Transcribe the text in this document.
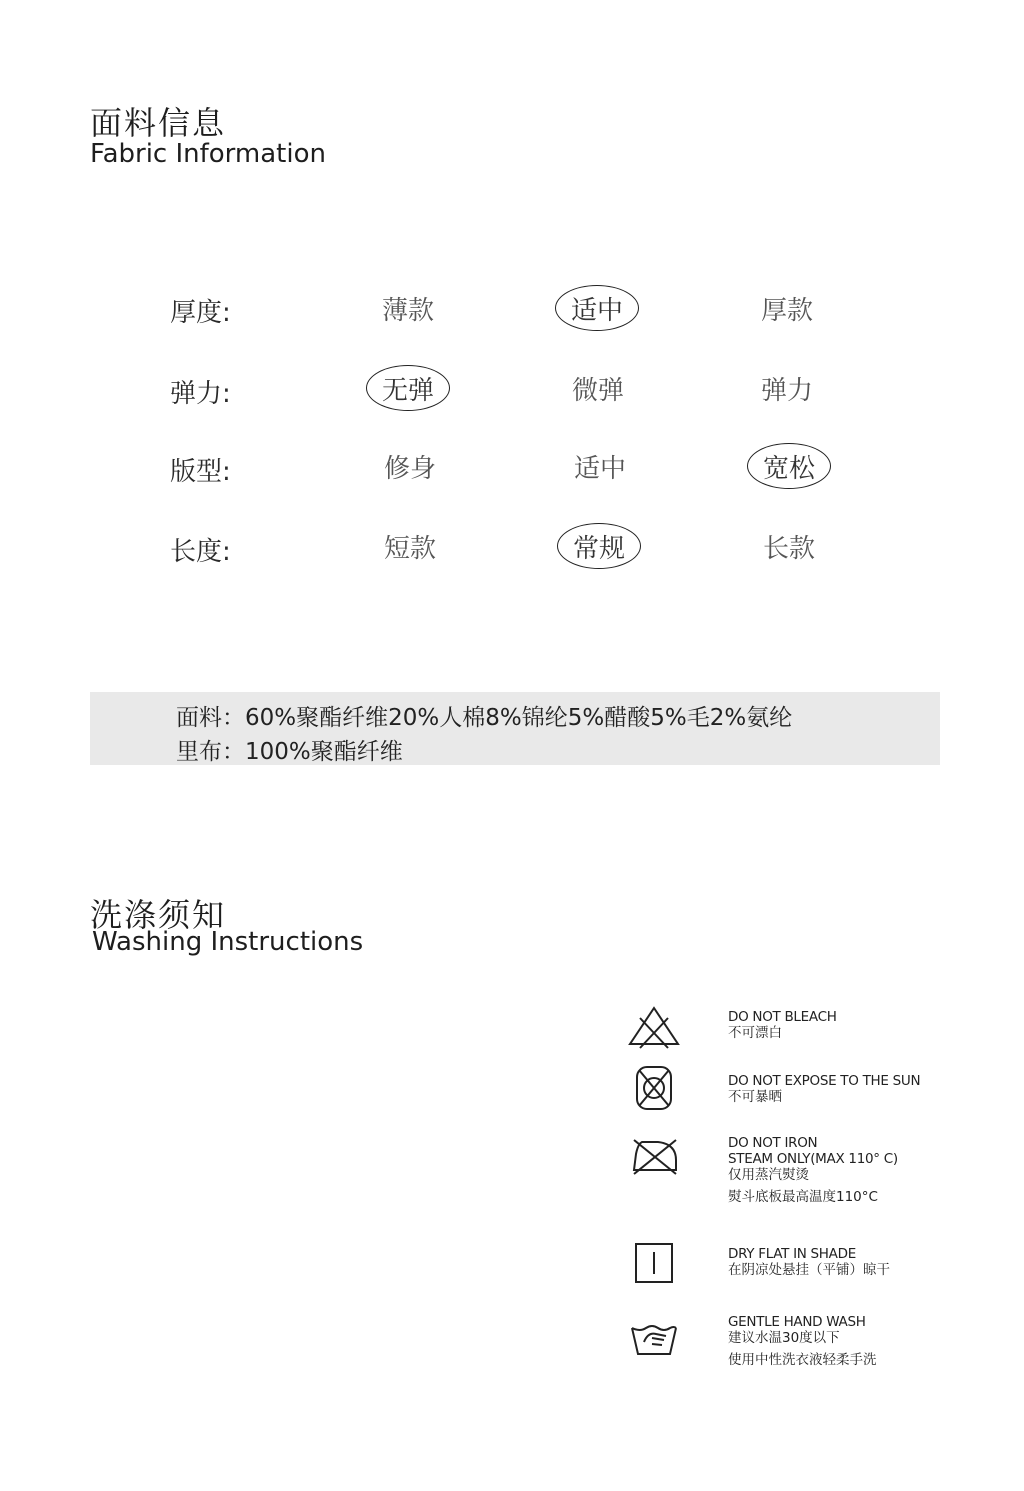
面料信息
Fabric Information
厚度:	薄款	适中	厚款
弹力:	无弹	微弹	弹力
版型:	修身	适中	宽松
长度:	短款	常规	长款
面料：60%聚酯纤维20%人棉8%锦纶5%醋酸5%毛2%氨纶
里布：100%聚酯纤维
洗涤须知
Washing Instructions
DO NOT BLEACH
不可漂白
DO NOT EXPOSE TO THE SUN
不可暴晒
DO NOT IRON
STEAM ONLY(MAX 110° C)
仅用蒸汽熨烫
熨斗底板最高温度110°C
DRY FLAT IN SHADE
在阴凉处悬挂（平铺）晾干
GENTLE HAND WASH
建议水温30度以下
使用中性洗衣液轻柔手洗
